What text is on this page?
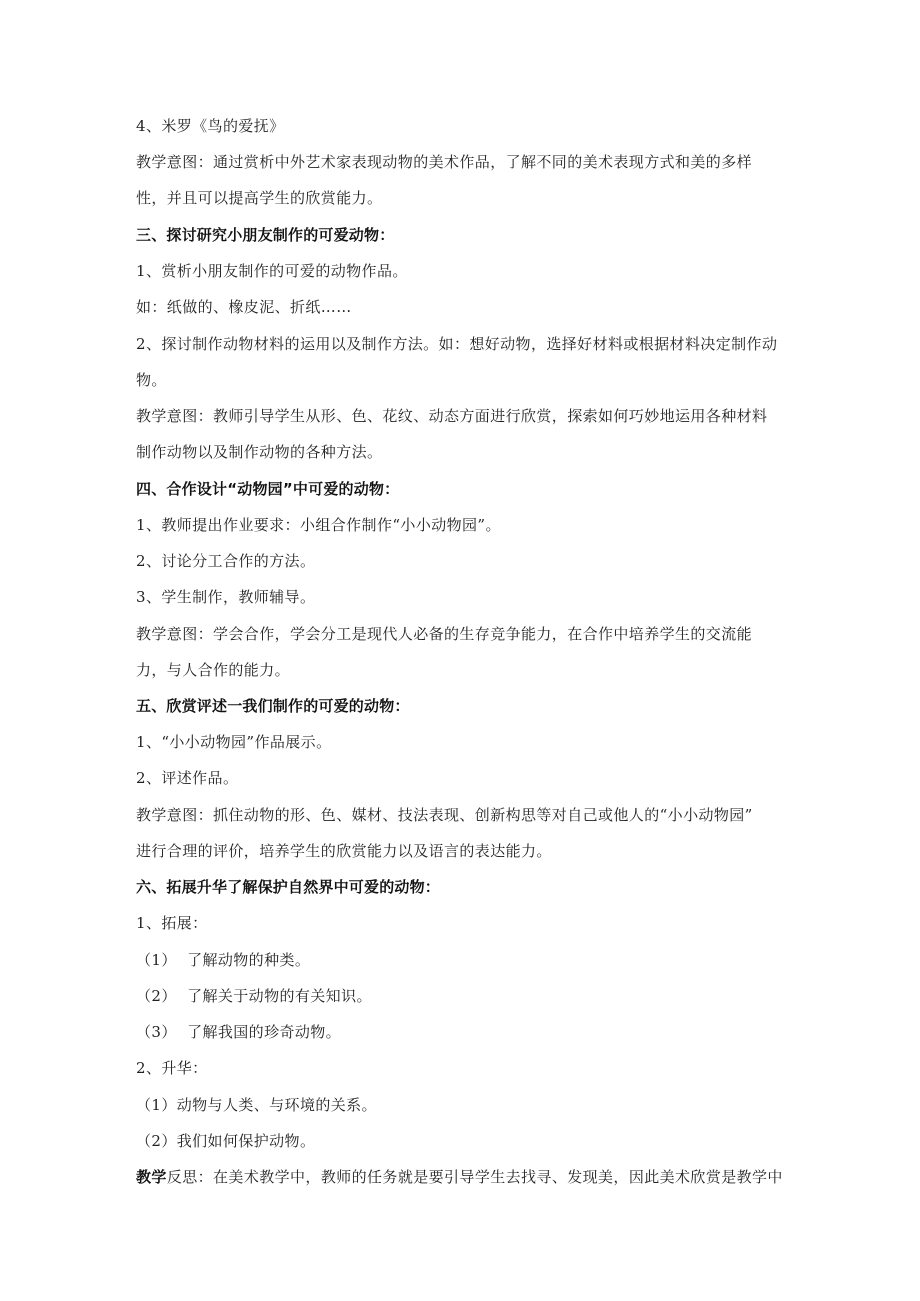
4、米罗《鸟的爱抚》

教学意图：通过赏析中外艺术家表现动物的美术作品，了解不同的美术表现方式和美的多样

性，并且可以提高学生的欣赏能力。

三、探讨研究小朋友制作的可爱动物：

1、赏析小朋友制作的可爱的动物作品。

如：纸做的、橡皮泥、折纸……

2、探讨制作动物材料的运用以及制作方法。如：想好动物，选择好材料或根据材料决定制作动

物。

教学意图：教师引导学生从形、色、花纹、动态方面进行欣赏，探索如何巧妙地运用各种材料

制作动物以及制作动物的各种方法。

四、合作设计“动物园”中可爱的动物：

1、教师提出作业要求：小组合作制作“小小动物园”。

2、讨论分工合作的方法。

3、学生制作，教师辅导。

教学意图：学会合作，学会分工是现代人必备的生存竞争能力，在合作中培养学生的交流能

力，与人合作的能力。

五、欣赏评述一我们制作的可爱的动物：

1、“小小动物园”作品展示。

2、评述作品。

教学意图：抓住动物的形、色、媒材、技法表现、创新构思等对自己或他人的“小小动物园”

进行合理的评价，培养学生的欣赏能力以及语言的表达能力。

六、拓展升华了解保护自然界中可爱的动物：

1、拓展：

（1）  了解动物的种类。

（2）  了解关于动物的有关知识。

（3）  了解我国的珍奇动物。

2、升华：

（1）动物与人类、与环境的关系。

（2）我们如何保护动物。

教学反思：在美术教学中，教师的任务就是要引导学生去找寻、发现美，因此美术欣赏是教学中
